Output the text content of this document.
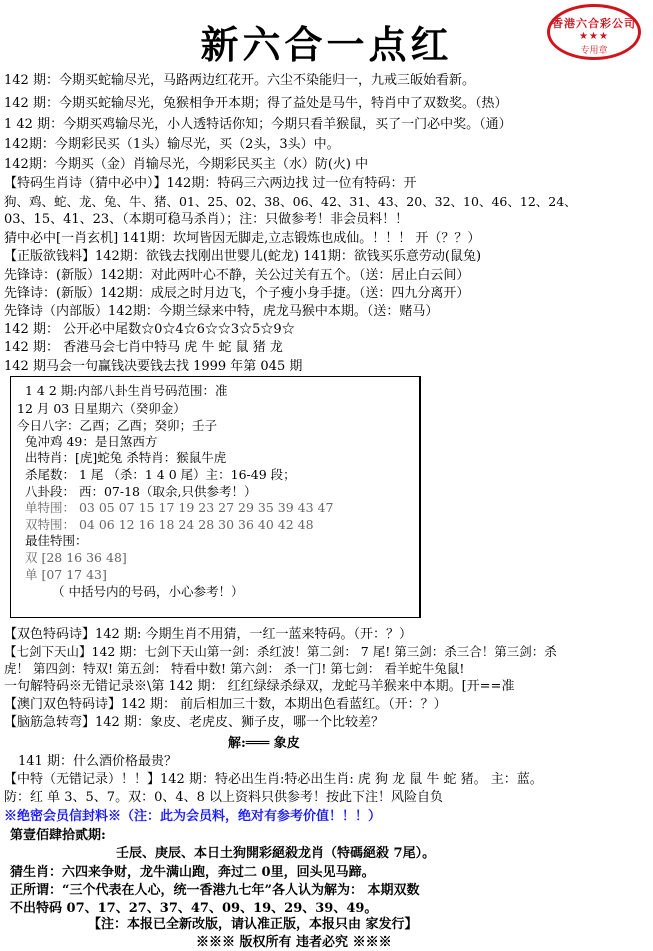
新六合一点红	香港六合彩公司
★★★
专用章
142 期：今期买蛇输尽光，马路两边红花开。六尘不染能归一，九戒三皈始看新。
142 期：今期买蛇输尽光，兔猴相争开本期；得了益处是马牛，特肖中了双数奖。（热）
1 42 期：今期买鸡输尽光，小人透特话你知；今期只看羊猴鼠，买了一门必中奖。（通）
142期：今期彩民买（1头）输尽光，买（2头，3头）中。
142期：今期买（金）肖输尽光，今期彩民买主（水）防(火) 中
【特码生肖诗（猜中必中）】142期：特码三六两边找 过一位有特码：开
狗、鸡、蛇、龙、兔、牛、猪、01、25、02、38、06、42、31、43、20、32、10、46、12、24、
03、15、41、23、（本期可稳马杀肖）；注：只做参考！非会员料！！
猜中必中[一肖玄机] 141期：坎坷皆因无脚走,立志锻炼也成仙。！！！ 开（？？）
【正版欲钱料】142期：欲钱去找刚出世婴儿(蛇龙) 141期：欲钱买乐意劳动(鼠兔)
先锋诗：(新版）142期：对此两叶心不静，关公过关有五个。（送：居止白云间）
先锋诗：(新版）142期：成辰之时月边飞，个子瘦小身手捷。（送：四九分离开）
先锋诗（内部版）142期：今期兰绿来中特，虎龙马猴中本期。（送：赌马）
142 期： 公开必中尾数☆0☆4☆6☆☆3☆5☆9☆
142 期： 香港马会七肖中特马 虎 牛 蛇 鼠 猪 龙
142 期马会一句赢钱决要钱去找 1999 年第 045 期
1 4 2 期:内部八卦生肖号码范围：准
12 月 03 日星期六（癸卯金）
今日八字：乙酉；乙酉；癸卯；壬子
兔冲鸡 49：是日煞西方
出特肖：[虎]蛇兔 杀特肖：猴鼠牛虎
杀尾数： 1 尾 （杀：1 4 0 尾）主：16-49 段；
八卦段： 西：07-18（取余,只供参考！）
单特围： 03 05 07 15 17 19 23 27 29 35 39 43 47
双特围： 04 06 12 16 18 24 28 30 36 40 42 48
最佳特围：
双 [28 16 36 48]
单 [07 17 43]
（ 中括号内的号码，小心参考！）
【双色特码诗】142 期: 今期生肖不用猜，一红一蓝来特码。（开：？）
【七剑下天山】142 期：七剑下天山第一剑：杀红波！第二剑： 7 尾! 第三剑：杀三合！第三剑：杀
虎！ 第四剑：特双! 第五剑： 特看中数! 第六剑： 杀一门! 第七剑： 看羊蛇牛兔鼠!
一句解特码※无错记录※\第 142 期： 红红绿绿杀绿双，龙蛇马羊猴来中本期。[开==准
【澳门双色特码诗】142 期： 前后相加三十数，本期出色看蓝红。（开：？）
【脑筋急转弯】142 期：象皮、老虎皮、狮子皮，哪一个比较差？
解:═══ 象皮
141 期：什么酒价格最贵？
【中特（无错记录）！！】142 期：特必出生肖:特必出生肖: 虎 狗 龙 鼠 牛 蛇 猪。 主：蓝。
防：红 单 3、5、7。双：0、4、8 以上资料只供参考！按此下注！风险自负
※绝密会员信封料※（注：此为会员料，绝对有参考价值！！！）
第壹佰肆拾贰期:
壬辰、庚辰、本日土狗開彩絕殺龙肖（特碼絕殺 7尾）。
猜生肖：六四来争财，龙牛满山跑，奔过二 0里，回头见马蹄。
正所谓：“三个代表在人心，统一香港九七年”各人认为解为： 本期双数
不出特码 07、17、27、37、47、09、19、29、39、49。
【注：本报已全新改版，请认准正版，本报只由 家发行】
※※※ 版权所有 违者必究 ※※※
